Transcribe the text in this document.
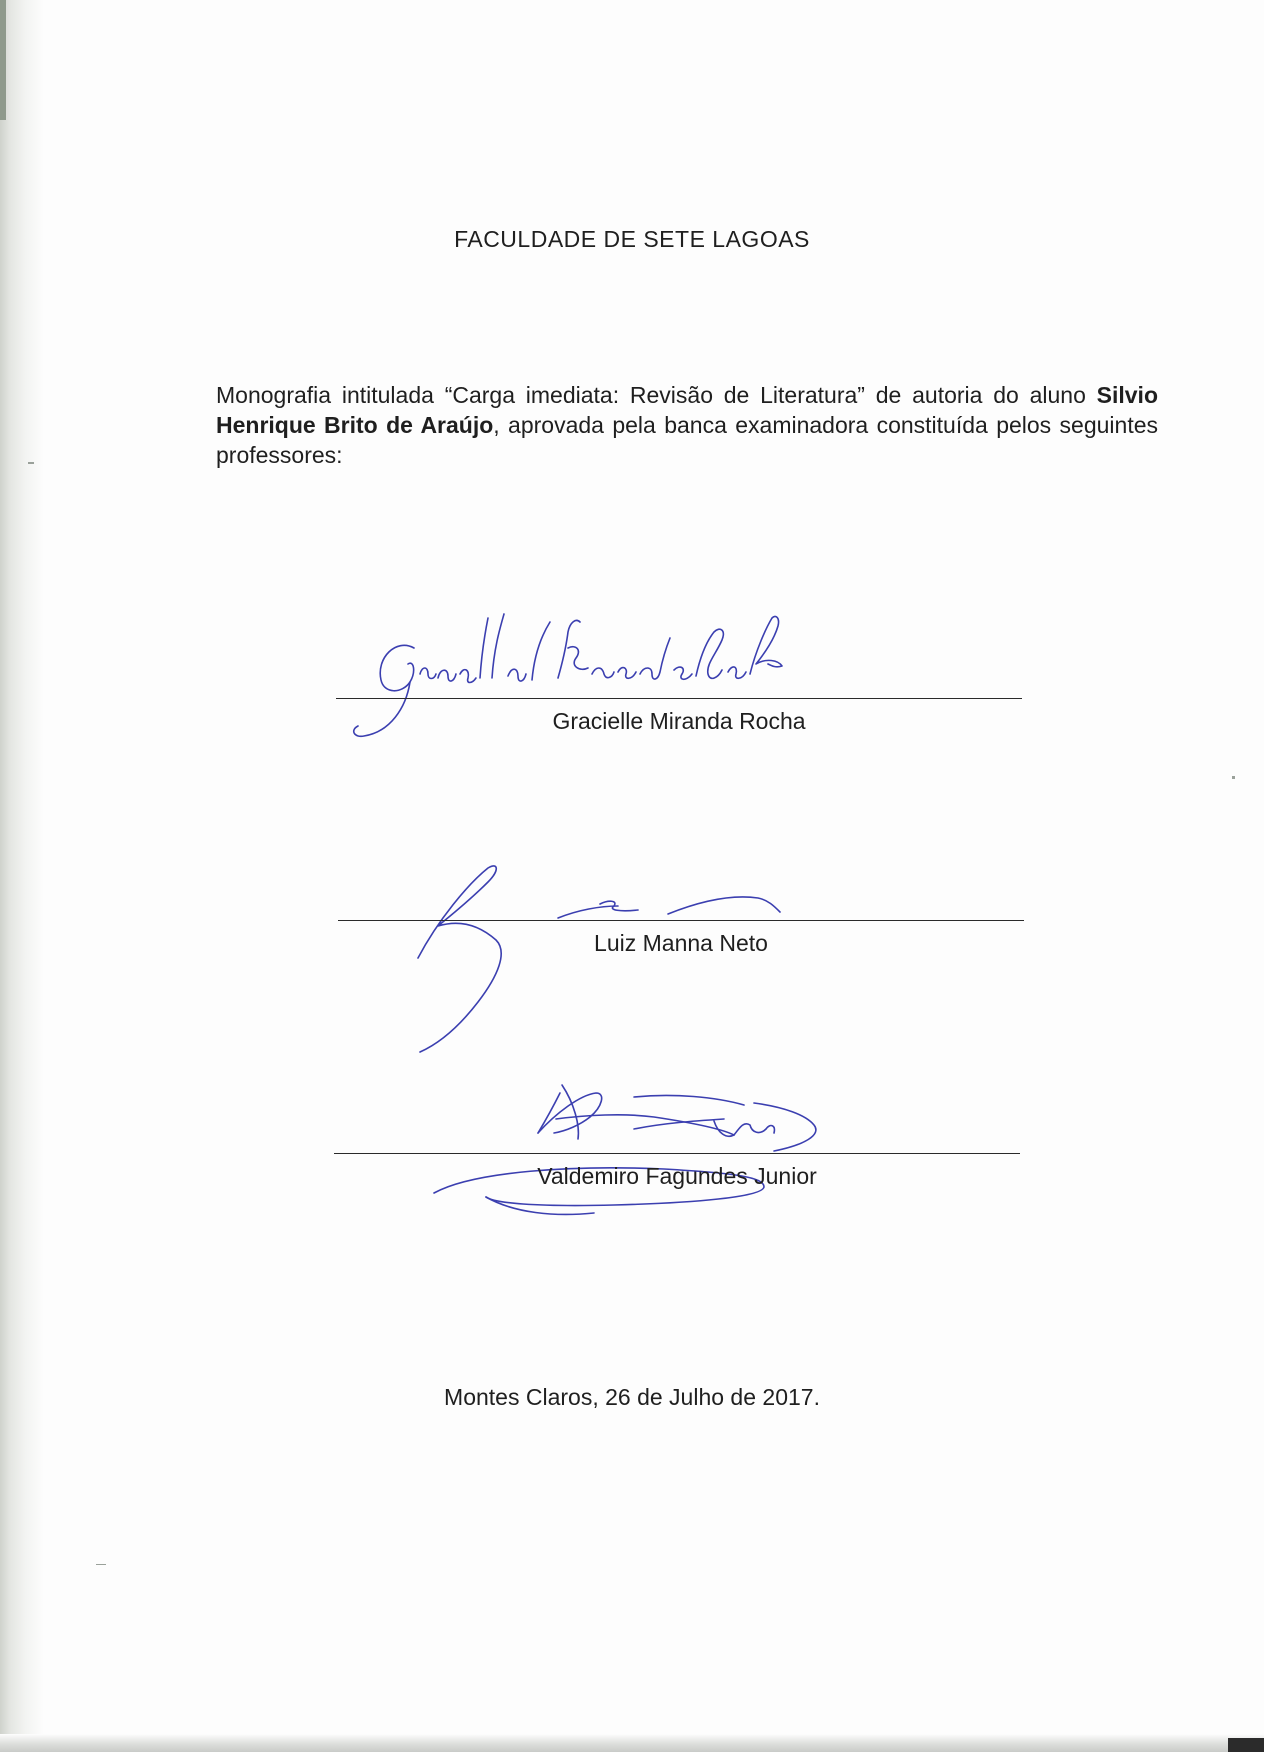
FACULDADE DE SETE LAGOAS
Monografia intitulada “Carga imediata: Revisão de Literatura” de autoria do aluno Silvio Henrique Brito de Araújo, aprovada pela banca examinadora constituída pelos seguintes professores:
Gracielle Miranda Rocha
Luiz Manna Neto
Valdemiro Fagundes Junior
Montes Claros, 26 de Julho de 2017.
